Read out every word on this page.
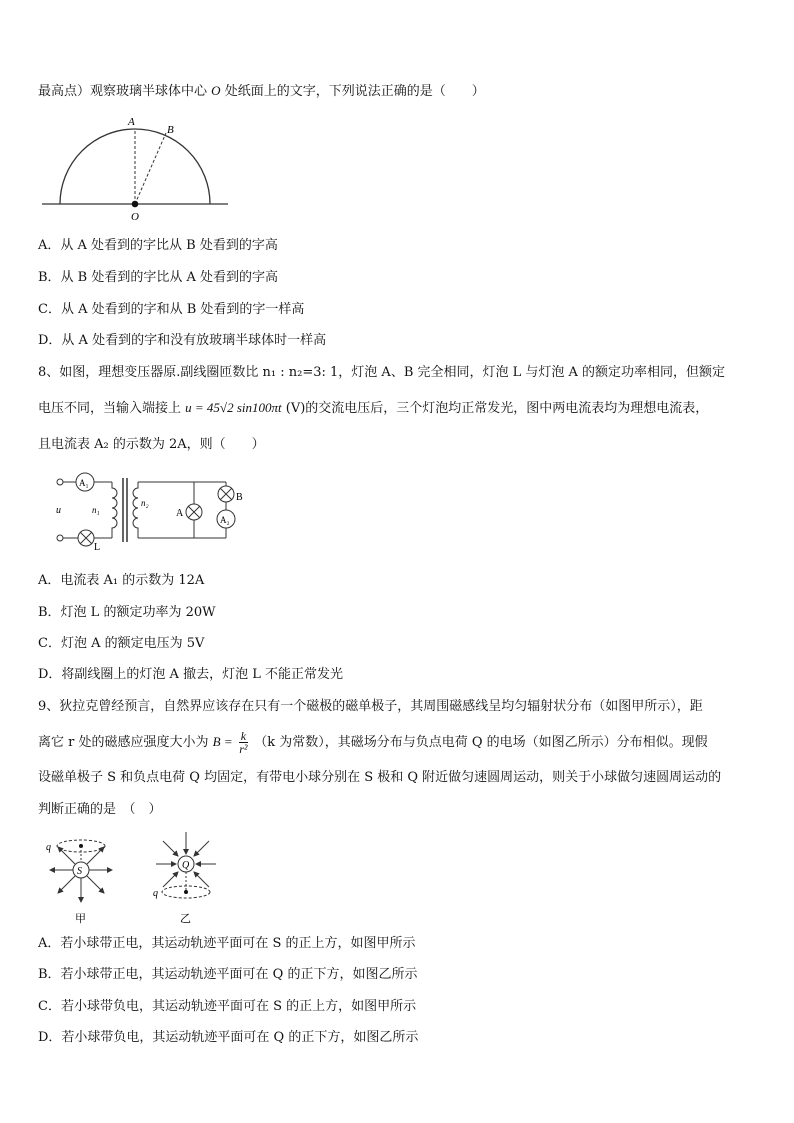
最高点）观察玻璃半球体中心 O 处纸面上的文字，下列说法正确的是（　　）
A
B
O
A．从 A 处看到的字比从 B 处看到的字高
B．从 B 处看到的字比从 A 处看到的字高
C．从 A 处看到的字和从 B 处看到的字一样高
D．从 A 处看到的字和没有放玻璃半球体时一样高
8、如图，理想变压器原.副线圈匝数比 n₁ : n₂=3: 1，灯泡 A、B 完全相同，灯泡 L 与灯泡 A 的额定功率相同，但额定
电压不同，当输入端接上 u = 45√2 sin100πt (V)的交流电压后，三个灯泡均正常发光，图中两电流表均为理想电流表，
且电流表 A₂ 的示数为 2A，则（　　）
A₁
L
u	n₁
n₂
A
B
A₂
A．电流表 A₁ 的示数为 12A
B．灯泡 L 的额定功率为 20W
C．灯泡 A 的额定电压为 5V
D．将副线圈上的灯泡 A 撤去，灯泡 L 不能正常发光
9、狄拉克曾经预言，自然界应该存在只有一个磁极的磁单极子，其周围磁感线呈均匀辐射状分布（如图甲所示），距
离它 r 处的磁感应强度大小为 $B = \frac{k}{\text{r²}} (k$ 为常数），其磁场分布与负点电荷 Q 的电场（如图乙所示）分布相似。现假
设磁单极子 S 和负点电荷 Q 均固定，有带电小球分别在 S 极和 Q 附近做匀速圆周运动，则关于小球做匀速圆周运动的
判断正确的是　（　）
q
S
甲
Q
q
乙
A．若小球带正电，其运动轨迹平面可在 S 的正上方，如图甲所示
B．若小球带正电，其运动轨迹平面可在 Q 的正下方，如图乙所示
C．若小球带负电，其运动轨迹平面可在 S 的正上方，如图甲所示
D．若小球带负电，其运动轨迹平面可在 Q 的正下方，如图乙所示
